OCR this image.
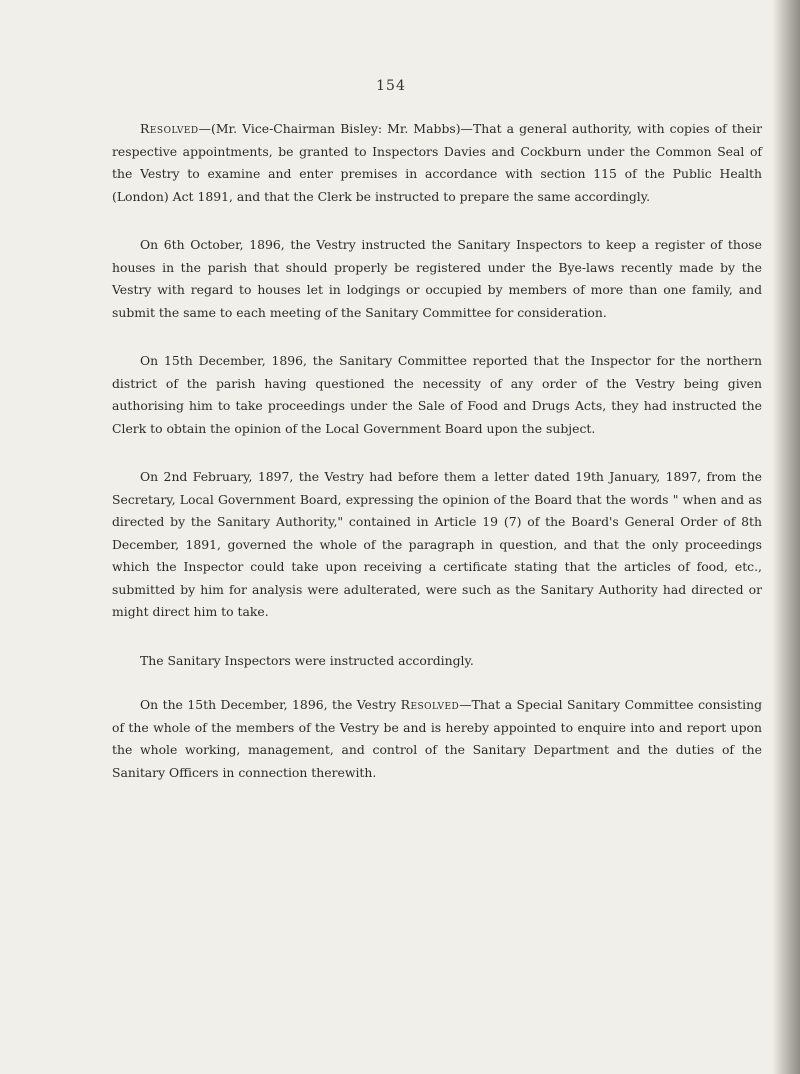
154

Resolved—(Mr. Vice-Chairman Bisley: Mr. Mabbs)—That a general authority, with copies of their respective appointments, be granted to Inspectors Davies and Cockburn under the Common Seal of the Vestry to examine and enter premises in accordance with section 115 of the Public Health (London) Act 1891, and that the Clerk be instructed to prepare the same accordingly.

On 6th October, 1896, the Vestry instructed the Sanitary Inspectors to keep a register of those houses in the parish that should properly be registered under the Bye-laws recently made by the Vestry with regard to houses let in lodgings or occupied by members of more than one family, and submit the same to each meeting of the Sanitary Committee for consideration.

On 15th December, 1896, the Sanitary Committee reported that the Inspector for the northern district of the parish having questioned the necessity of any order of the Vestry being given authorising him to take proceedings under the Sale of Food and Drugs Acts, they had instructed the Clerk to obtain the opinion of the Local Government Board upon the subject.

On 2nd February, 1897, the Vestry had before them a letter dated 19th January, 1897, from the Secretary, Local Government Board, expressing the opinion of the Board that the words " when and as directed by the Sanitary Authority," contained in Article 19 (7) of the Board's General Order of 8th December, 1891, governed the whole of the paragraph in question, and that the only proceedings which the Inspector could take upon receiving a certificate stating that the articles of food, etc., submitted by him for analysis were adulterated, were such as the Sanitary Authority had directed or might direct him to take.

The Sanitary Inspectors were instructed accordingly.

On the 15th December, 1896, the Vestry Resolved—That a Special Sanitary Committee consisting of the whole of the members of the Vestry be and is hereby appointed to enquire into and report upon the whole working, management, and control of the Sanitary Department and the duties of the Sanitary Officers in connection therewith.
